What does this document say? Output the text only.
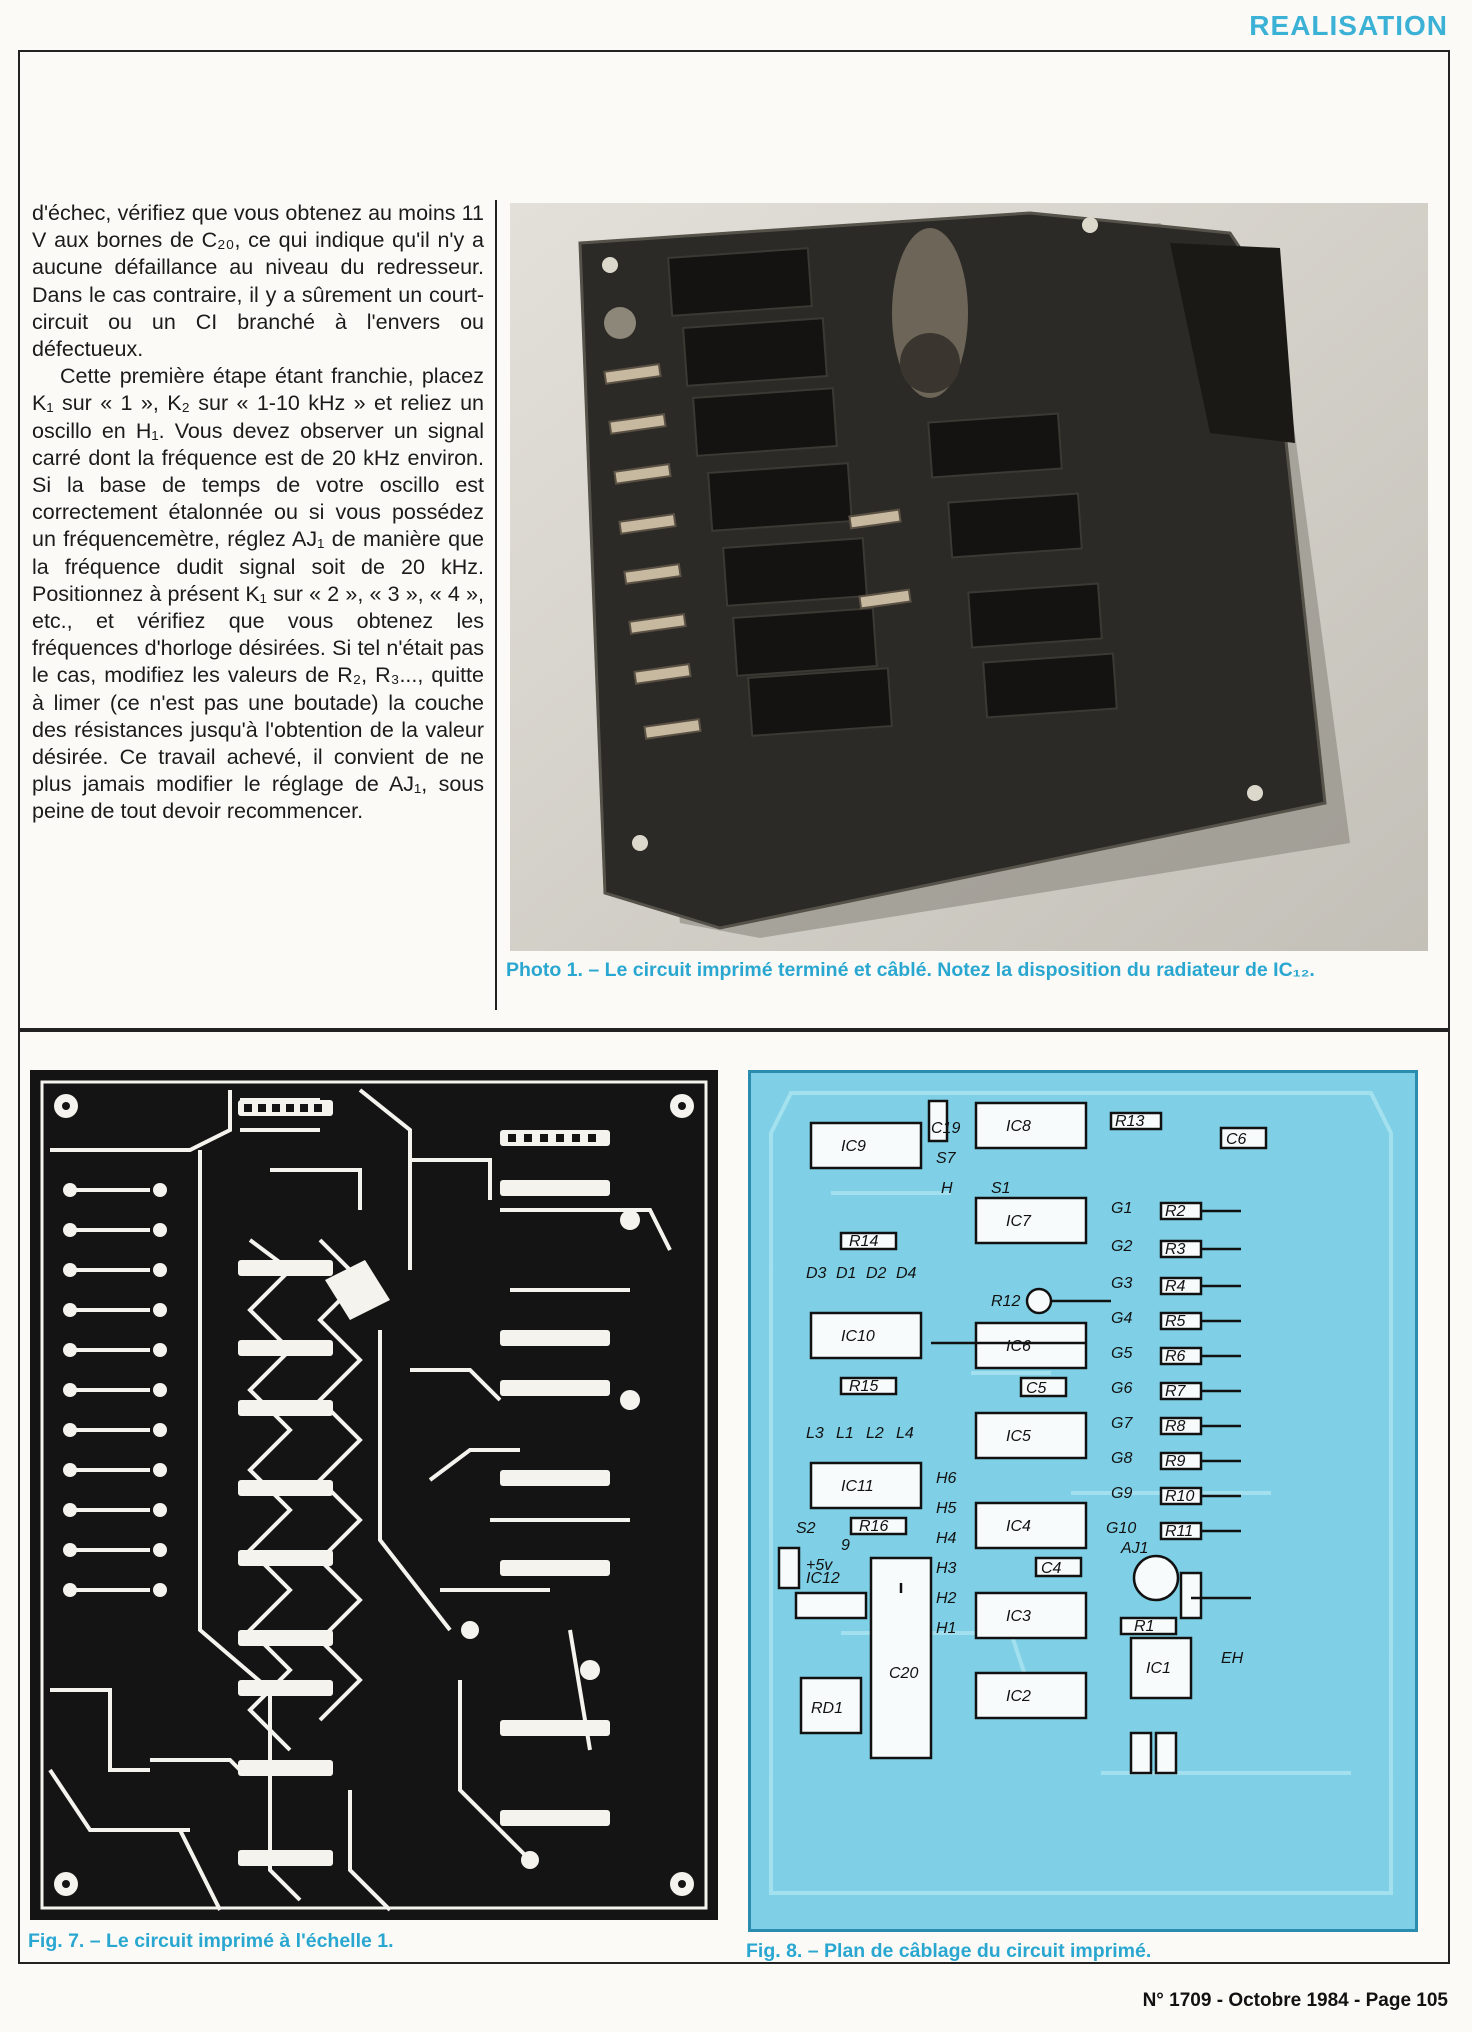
REALISATION

d'échec, vérifiez que vous obtenez au moins 11 V aux bornes de C₂₀, ce qui indique qu'il n'y a aucune défaillance au niveau du redresseur. Dans le cas contraire, il y a sûrement un court-circuit ou un CI branché à l'envers ou défectueux.

Cette première étape étant franchie, placez K₁ sur « 1 », K₂ sur « 1-10 kHz » et reliez un oscillo en H₁. Vous devez observer un signal carré dont la fréquence est de 20 kHz environ. Si la base de temps de votre oscillo est correctement étalonnée ou si vous possédez un fréquencemètre, réglez AJ₁ de manière que la fréquence dudit signal soit de 20 kHz. Positionnez à présent K₁ sur « 2 », « 3 », « 4 », etc., et vérifiez que vous obtenez les fréquences d'horloge désirées. Si tel n'était pas le cas, modifiez les valeurs de R₂, R₃..., quitte à limer (ce n'est pas une boutade) la couche des résistances jusqu'à l'obtention de la valeur désirée. Ce travail achevé, il convient de ne plus jamais modifier le réglage de AJ₁, sous peine de tout devoir recommencer.

Photo 1. – Le circuit imprimé terminé et câblé. Notez la disposition du radiateur de IC₁₂.
Fig. 7. – Le circuit imprimé à l'échelle 1.
IC9
IC8
IC7
IC10
IC6
IC5
IC11
IC4
IC3
IC2
IC1
IC12
C20
RD1
R13
R14
R15
R16
R1
R2
R3
R4
R5
R6
R7
R8
R9
R10
R11
R12
C6
C5
C4
C19
G1
G2
G3
G4
G5
G6
G7
G8
G9
G10
D3 D1 D2 D4
L3 L1 L2 L4
S7
S1
S2
H
H6
H5
H4
H3
H2
H1
AJ1
EH
+5v
9
Fig. 8. – Plan de câblage du circuit imprimé.
N° 1709 - Octobre 1984 - Page 105
